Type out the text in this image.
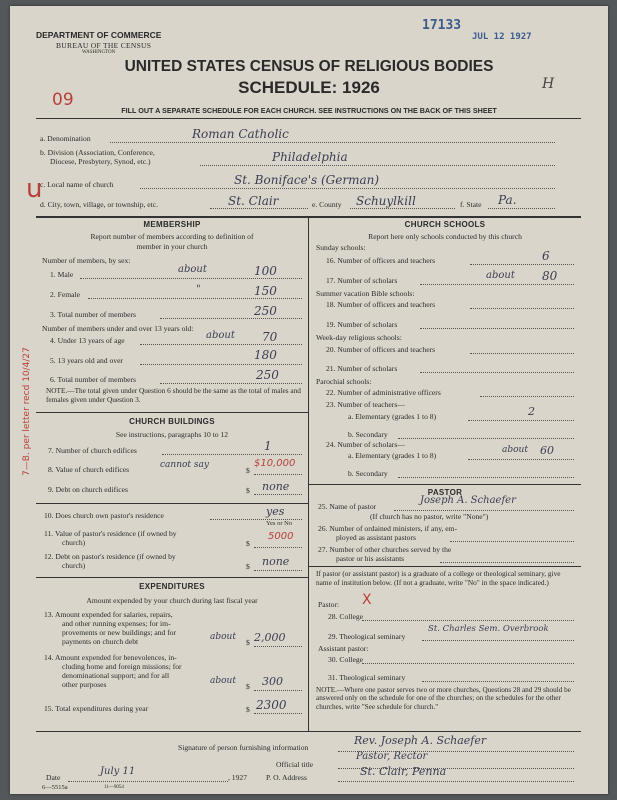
17133
JUL 12 1927
09
H
DEPARTMENT OF COMMERCE
BUREAU OF THE CENSUS
WASHINGTON
UNITED STATES CENSUS OF RELIGIOUS BODIES
SCHEDULE: 1926
FILL OUT A SEPARATE SCHEDULE FOR EACH CHURCH. SEE INSTRUCTIONS ON THE BACK OF THIS SHEET
a. Denomination	Roman Catholic
b. Division (Association, Conference,
Diocese, Presbytery, Synod, etc.)	Philadelphia
c. Local name of church	St. Boniface's (German)
u
d. City, town, village, or township, etc.	St. Clair	e. County Schuylkill	f. State Pa.
MEMBERSHIP
Report number of members according to definition of
member in your church
Number of members, by sex:
1. Male	about	100
2. Female	"	150
3. Total number of members	250
Number of members under and over 13 years old:
4. Under 13 years of age	about 70
5. 13 years old and over	180
6. Total number of members	250
NOTE.—The total given under Question 6 should be the same as the total of males and females given under Question 3.
7—B. per letter recd 10/4/27	CHURCH BUILDINGS
See instructions, paragraphs 10 to 12
7. Number of church edifices	1
8. Value of church edifices	cannot say
$
$10,000
9. Debt on church edifices	$ none
10. Does church own pastor's residence	yes
Yes or No
11. Value of pastor's residence (if owned by
church)	$
5000
12. Debt on pastor's residence (if owned by
church)	$ none
EXPENDITURES
Amount expended by your church during last fiscal year
13. Amount expended for salaries, repairs,
and other running expenses; for im-
provements or new buildings; and for
payments on church debt	about
$ 2,000
14. Amount expended for benevolences, in-
cluding home and foreign missions; for
denominational support; and for all
other purposes	about
$ 300
15. Total expenditures during year	$ 2300
CHURCH SCHOOLS
Report here only schools conducted by this church
Sunday schools:
16. Number of officers and teachers	6
17. Number of scholars	about 80
Summer vacation Bible schools:
18. Number of officers and teachers
19. Number of scholars
Week-day religious schools:
20. Number of officers and teachers
21. Number of scholars
Parochial schools:
22. Number of administrative officers
23. Number of teachers—
a. Elementary (grades 1 to 8)	2
b. Secondary
24. Number of scholars—
a. Elementary (grades 1 to 8)
about 60
b. Secondary
PASTOR
25. Name of pastor
Joseph A. Schaefer
(If church has no pastor, write "None")
26. Number of ordained ministers, if any, em-
ployed as assistant pastors
27. Number of other churches served by the
pastor or his assistants
If pastor (or assistant pastor) is a graduate of a college or theological seminary, give name of institution below. (If not a graduate, write "No" in the space indicated.)
Pastor: X
28. College
29. Theological seminary
St. Charles Sem. Overbrook
Assistant pastor:
30. College
31. Theological seminary
NOTE.—Where one pastor serves two or more churches, Questions 28 and 29 should be answered only on the schedule for one of the churches; on the schedules for the other churches, write "See schedule for church."
Signature of person furnishing information
Rev. Joseph A. Schaefer
Official title
Pastor, Rector
Date
July 11
, 1927	P. O. Address	St. Clair, Penna
6—5515a	11—9054
